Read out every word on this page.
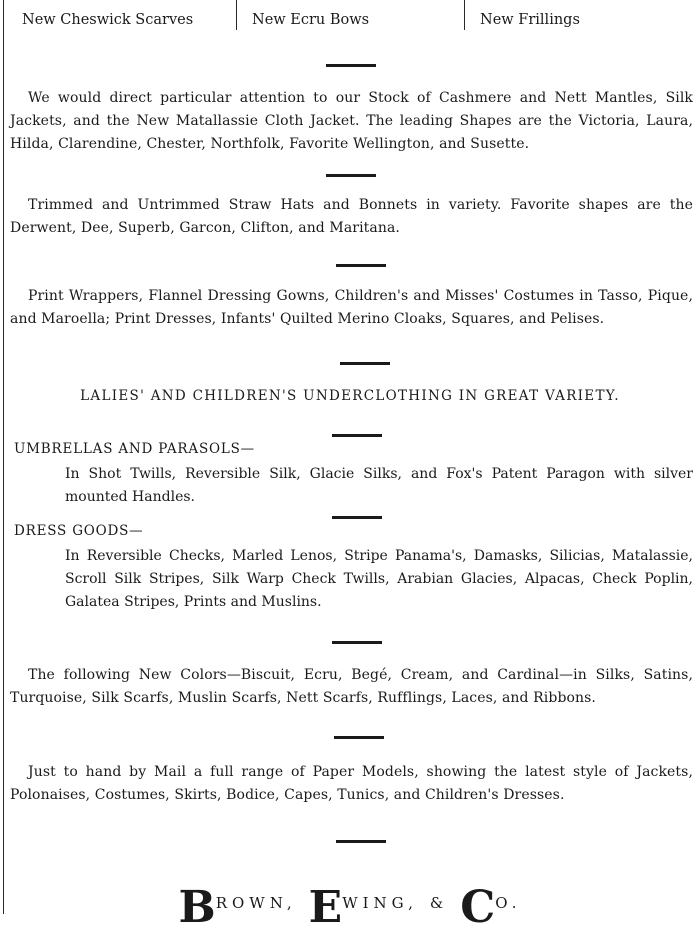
New Cheswick Scarves	New Ecru Bows	New Frillings
We would direct particular attention to our Stock of Cashmere and Nett Mantles, Silk Jackets, and the New Matallassie Cloth Jacket. The leading Shapes are the Victoria, Laura, Hilda, Clarendine, Chester, Northfolk, Favorite Wellington, and Susette.
Trimmed and Untrimmed Straw Hats and Bonnets in variety. Favorite shapes are the Derwent, Dee, Superb, Garcon, Clifton, and Maritana.
Print Wrappers, Flannel Dressing Gowns, Children's and Misses' Costumes in Tasso, Pique, and Maroella; Print Dresses, Infants' Quilted Merino Cloaks, Squares, and Pelises.
LALIES' AND CHILDREN'S UNDERCLOTHING IN GREAT VARIETY.
UMBRELLAS AND PARASOLS—
In Shot Twills, Reversible Silk, Glacie Silks, and Fox's Patent Paragon with silver mounted Handles.
DRESS GOODS—
In Reversible Checks, Marled Lenos, Stripe Panama's, Damasks, Silicias, Matalassie, Scroll Silk Stripes, Silk Warp Check Twills, Arabian Glacies, Alpacas, Check Poplin, Galatea Stripes, Prints and Muslins.
The following New Colors—Biscuit, Ecru, Begé, Cream, and Cardinal—in Silks, Satins, Turquoise, Silk Scarfs, Muslin Scarfs, Nett Scarfs, Rufflings, Laces, and Ribbons.
Just to hand by Mail a full range of Paper Models, showing the latest style of Jackets, Polonaises, Costumes, Skirts, Bodice, Capes, Tunics, and Children's Dresses.
BROWN, EWING, & CO.
